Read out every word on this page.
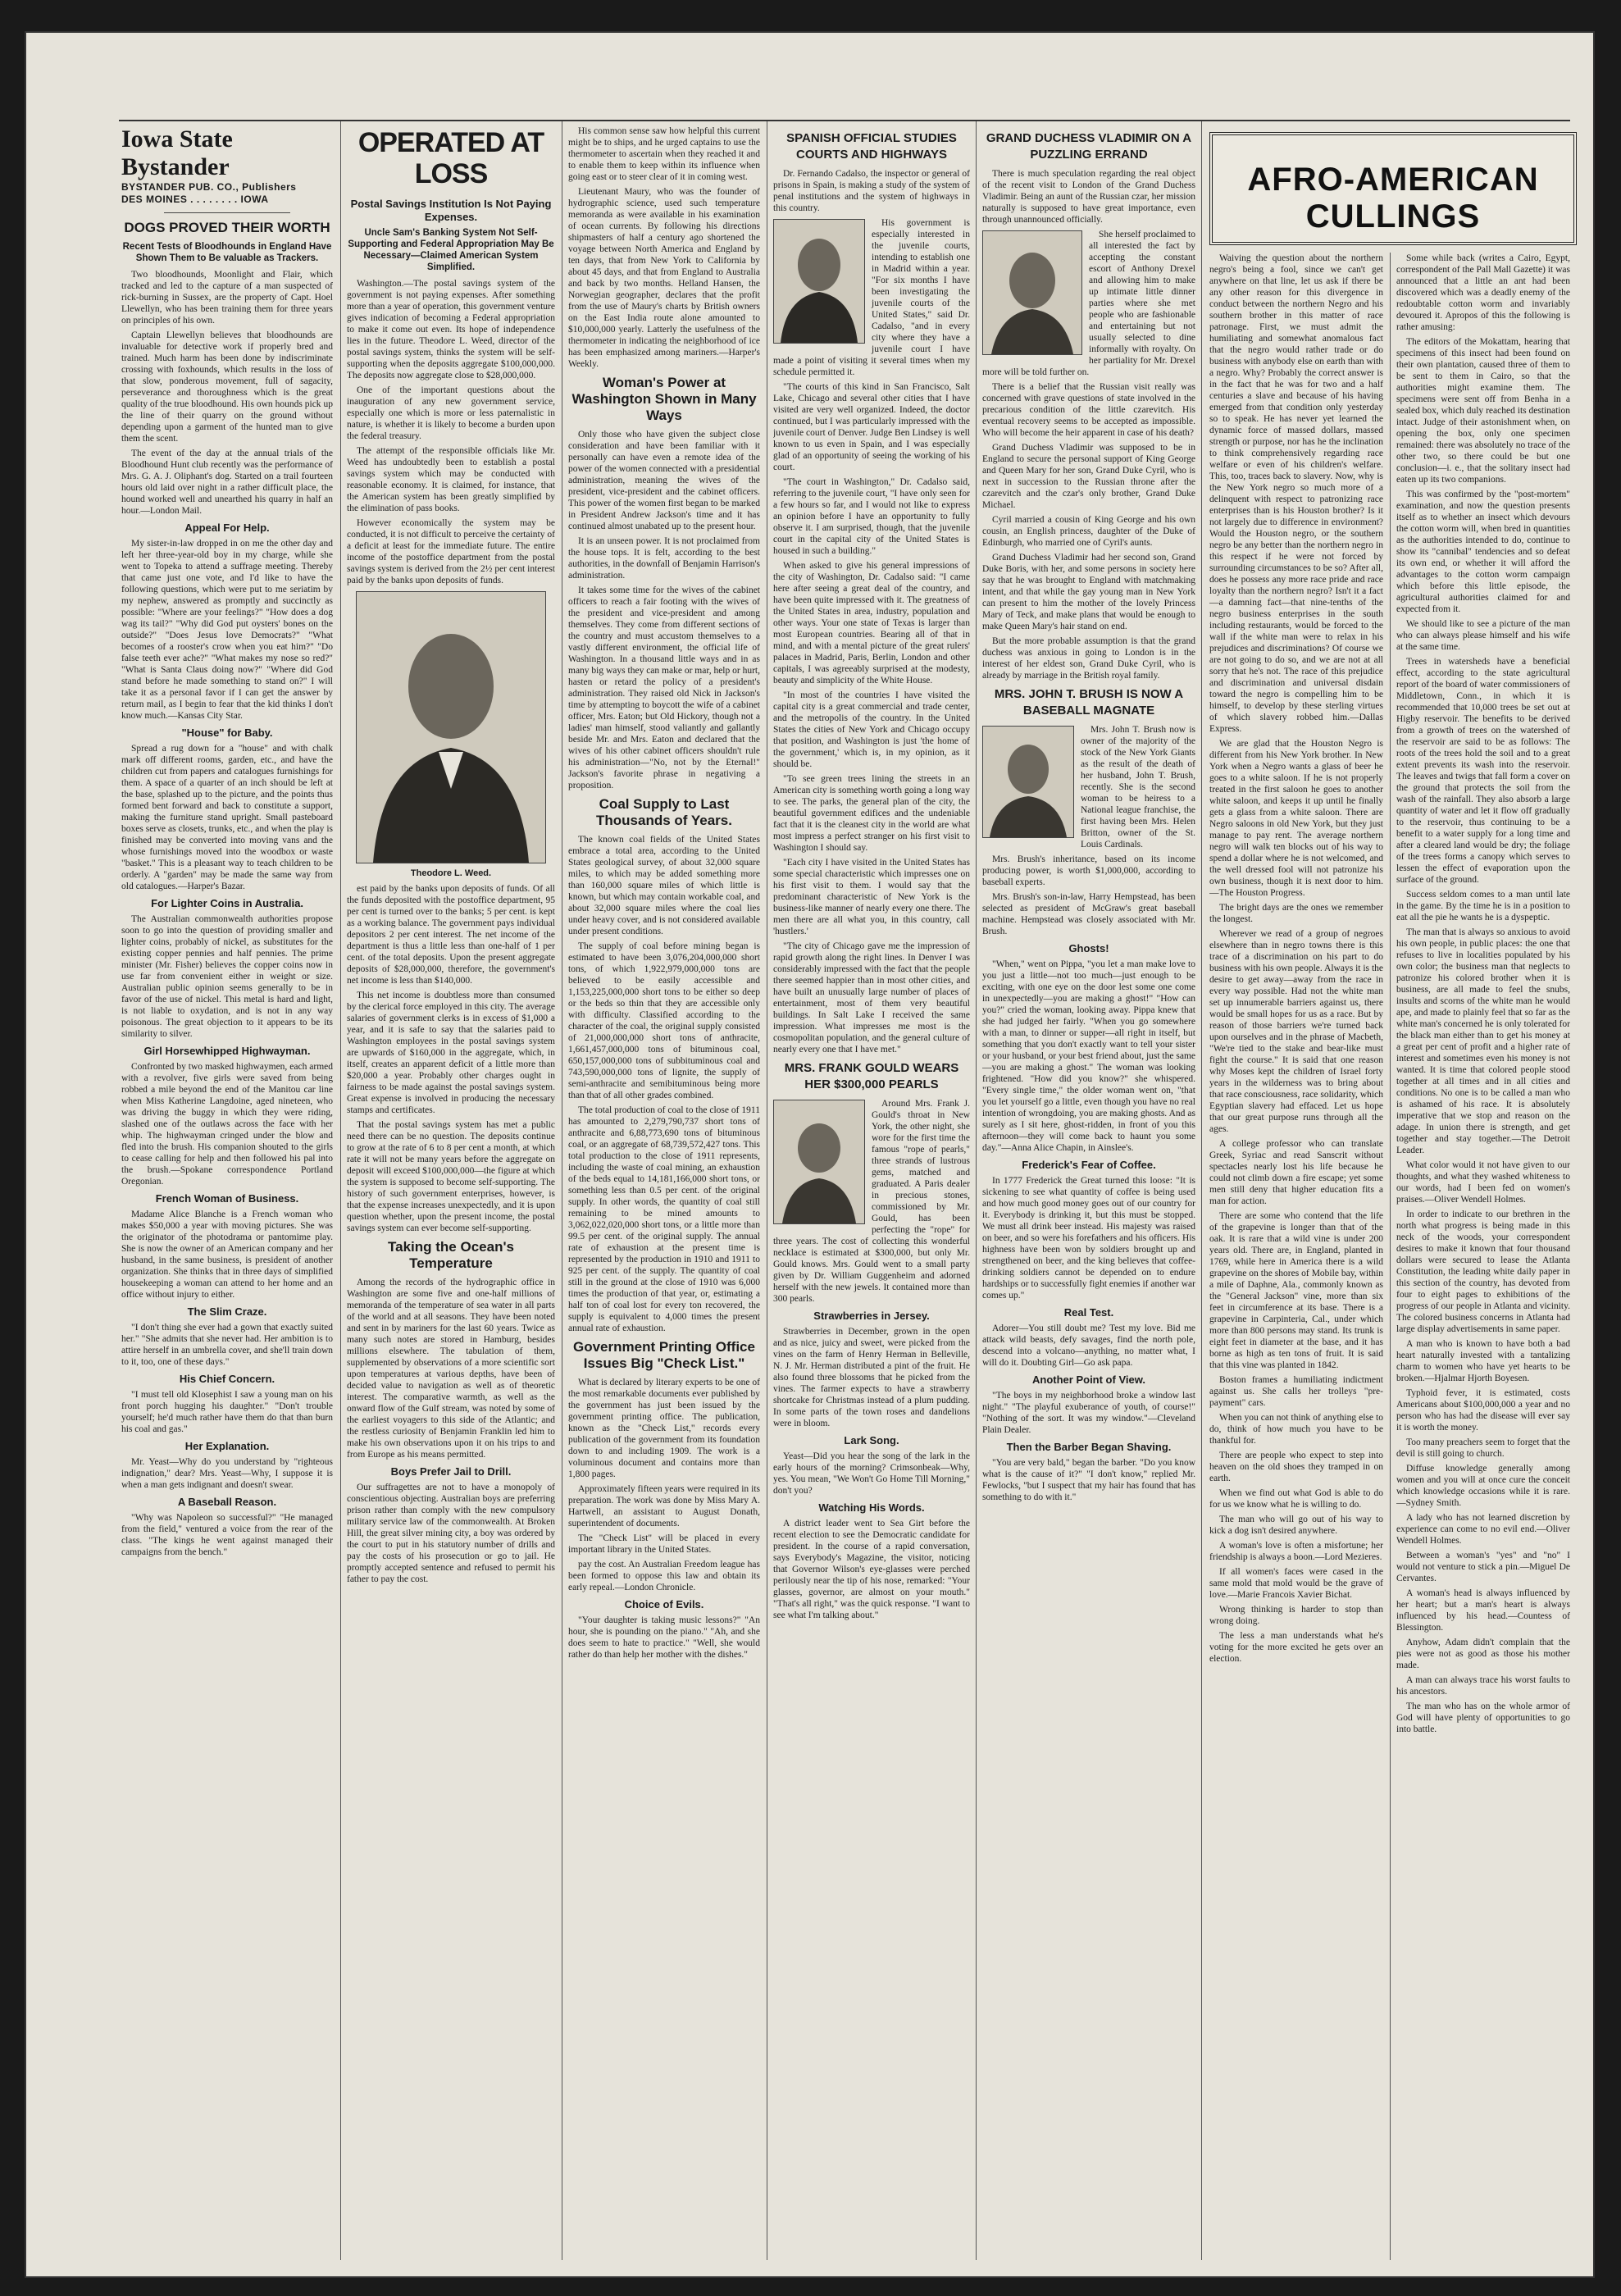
Iowa State Bystander
BYSTANDER PUB. CO., Publishers
DES MOINES . . . . . . . . IOWA
DOGS PROVED THEIR WORTH
Recent Tests of Bloodhounds in England Have Shown Them to Be valuable as Trackers.

Two bloodhounds, Moonlight and Flair, which tracked and led to the capture of a man suspected of rick-burning in Sussex, are the property of Capt. Hoel Llewellyn, who has been training them for three years on principles of his own.

Captain Llewellyn believes that bloodhounds are invaluable for detective work if properly bred and trained. Much harm has been done by indiscriminate crossing with foxhounds, which results in the loss of that slow, ponderous movement, full of sagacity, perseverance and thoroughness which is the great quality of the true bloodhound. His own hounds pick up the line of their quarry on the ground without depending upon a garment of the hunted man to give them the scent.

The event of the day at the annual trials of the Bloodhound Hunt club recently was the performance of Mrs. G. A. J. Oliphant's dog. Started on a trail fourteen hours old laid over night in a rather difficult place, the hound worked well and unearthed his quarry in half an hour.—London Mail.

Appeal For Help.

My sister-in-law dropped in on me the other day and left her three-year-old boy in my charge, while she went to Topeka to attend a suffrage meeting. Thereby that came just one vote, and I'd like to have the following questions, which were put to me seriatim by my nephew, answered as promptly and succinctly as possible: "Where are your feelings?" "How does a dog wag its tail?" "Why did God put oysters' bones on the outside?" "Does Jesus love Democrats?" "What becomes of a rooster's crow when you eat him?" "Do false teeth ever ache?" "What makes my nose so red?" "What is Santa Claus doing now?" "Where did God stand before he made something to stand on?" I will take it as a personal favor if I can get the answer by return mail, as I begin to fear that the kid thinks I don't know much.—Kansas City Star.

"House" for Baby.

Spread a rug down for a "house" and with chalk mark off different rooms, garden, etc., and have the children cut from papers and catalogues furnishings for them. A space of a quarter of an inch should be left at the base, splashed up to the picture, and the points thus formed bent forward and back to constitute a support, making the furniture stand upright. Small pasteboard boxes serve as closets, trunks, etc., and when the play is finished may be converted into moving vans and the whose furnishings moved into the woodbox or waste "basket." This is a pleasant way to teach children to be orderly. A "garden" may be made the same way from old catalogues.—Harper's Bazar.

For Lighter Coins in Australia.

The Australian commonwealth authorities propose soon to go into the question of providing smaller and lighter coins, probably of nickel, as substitutes for the existing copper pennies and half pennies. The prime minister (Mr. Fisher) believes the copper coins now in use far from convenient either in weight or size. Australian public opinion seems generally to be in favor of the use of nickel. This metal is hard and light, is not liable to oxydation, and is not in any way poisonous. The great objection to it appears to be its similarity to silver.

Girl Horsewhipped Highwayman.

Confronted by two masked highwaymen, each armed with a revolver, five girls were saved from being robbed a mile beyond the end of the Manitou car line when Miss Katherine Langdoine, aged nineteen, who was driving the buggy in which they were riding, slashed one of the outlaws across the face with her whip. The highwayman cringed under the blow and fled into the brush. His companion shouted to the girls to cease calling for help and then followed his pal into the brush.—Spokane correspondence Portland Oregonian.

French Woman of Business.

Madame Alice Blanche is a French woman who makes $50,000 a year with moving pictures. She was the originator of the photodrama or pantomime play. She is now the owner of an American company and her husband, in the same business, is president of another organization. She thinks that in three days of simplified housekeeping a woman can attend to her home and an office without injury to either.

The Slim Craze.

"I don't thing she ever had a gown that exactly suited her." "She admits that she never had. Her ambition is to attire herself in an umbrella cover, and she'll train down to it, too, one of these days."

His Chief Concern.

"I must tell old Klosephist I saw a young man on his front porch hugging his daughter." "Don't trouble yourself; he'd much rather have them do that than burn his coal and gas."

Her Explanation.

Mr. Yeast—Why do you understand by "righteous indignation," dear? Mrs. Yeast—Why, I suppose it is when a man gets indignant and doesn't swear.

A Baseball Reason.

"Why was Napoleon so successful?" "He managed from the field," ventured a voice from the rear of the class. "The kings he went against managed their campaigns from the bench."

OPERATED AT LOSS
Postal Savings Institution Is Not Paying Expenses.
Uncle Sam's Banking System Not Self-Supporting and Federal Appropriation May Be Necessary—Claimed American System Simplified.

Washington.—The postal savings system of the government is not paying expenses. After something more than a year of operation, this government venture gives indication of becoming a Federal appropriation to make it come out even. Its hope of independence lies in the future. Theodore L. Weed, director of the postal savings system, thinks the system will be self-supporting when the deposits aggregate $100,000,000. The deposits now aggregate close to $28,000,000.

One of the important questions about the inauguration of any new government service, especially one which is more or less paternalistic in nature, is whether it is likely to become a burden upon the federal treasury.

The attempt of the responsible officials like Mr. Weed has undoubtedly been to establish a postal savings system which may be conducted with reasonable economy. It is claimed, for instance, that the American system has been greatly simplified by the elimination of pass books.

However economically the system may be conducted, it is not difficult to perceive the certainty of a deficit at least for the immediate future. The entire income of the postoffice department from the postal savings system is derived from the 2½ per cent interest paid by the banks upon deposits of funds.

Theodore L. Weed.

est paid by the banks upon deposits of funds. Of all the funds deposited with the postoffice department, 95 per cent is turned over to the banks; 5 per cent. is kept as a working balance. The government pays individual depositors 2 per cent interest. The net income of the department is thus a little less than one-half of 1 per cent. of the total deposits. Upon the present aggregate deposits of $28,000,000, therefore, the government's net income is less than $140,000.

This net income is doubtless more than consumed by the clerical force employed in this city. The average salaries of government clerks is in excess of $1,000 a year, and it is safe to say that the salaries paid to Washington employees in the postal savings system are upwards of $160,000 in the aggregate, which, in itself, creates an apparent deficit of a little more than $20,000 a year. Probably other charges ought in fairness to be made against the postal savings system. Great expense is involved in producing the necessary stamps and certificates.

That the postal savings system has met a public need there can be no question. The deposits continue to grow at the rate of 6 to 8 per cent a month, at which rate it will not be many years before the aggregate on deposit will exceed $100,000,000—the figure at which the system is supposed to become self-supporting. The history of such government enterprises, however, is that the expense increases unexpectedly, and it is upon question whether, upon the present income, the postal savings system can ever become self-supporting.

Taking the Ocean's Temperature

Among the records of the hydrographic office in Washington are some five and one-half millions of memoranda of the temperature of sea water in all parts of the world and at all seasons. They have been noted and sent in by mariners for the last 60 years. Twice as many such notes are stored in Hamburg, besides millions elsewhere. The tabulation of them, supplemented by observations of a more scientific sort upon temperatures at various depths, have been of decided value to navigation as well as of theoretic interest. The comparative warmth, as well as the onward flow of the Gulf stream, was noted by some of the earliest voyagers to this side of the Atlantic; and the restless curiosity of Benjamin Franklin led him to make his own observations upon it on his trips to and from Europe as his means permitted.

Boys Prefer Jail to Drill.

Our suffragettes are not to have a monopoly of conscientious objecting. Australian boys are preferring prison rather than comply with the new compulsory military service law of the commonwealth. At Broken Hill, the great silver mining city, a boy was ordered by the court to put in his statutory number of drills and pay the costs of his prosecution or go to jail. He promptly accepted sentence and refused to permit his father to pay the cost.

His common sense saw how helpful this current might be to ships, and he urged captains to use the thermometer to ascertain when they reached it and to enable them to keep within its influence when going east or to steer clear of it in coming west.

Lieutenant Maury, who was the founder of hydrographic science, used such temperature memoranda as were available in his examination of ocean currents. By following his directions shipmasters of half a century ago shortened the voyage between North America and England by ten days, that from New York to California by about 45 days, and that from England to Australia and back by two months. Helland Hansen, the Norwegian geographer, declares that the profit from the use of Maury's charts by British owners on the East India route alone amounted to $10,000,000 yearly. Latterly the usefulness of the thermometer in indicating the neighborhood of ice has been emphasized among mariners.—Harper's Weekly.

Woman's Power at Washington Shown in Many Ways

Only those who have given the subject close consideration and have been familiar with it personally can have even a remote idea of the power of the women connected with a presidential administration, meaning the wives of the president, vice-president and the cabinet officers. This power of the women first began to be marked in President Andrew Jackson's time and it has continued almost unabated up to the present hour.

It is an unseen power. It is not proclaimed from the house tops. It is felt, according to the best authorities, in the downfall of Benjamin Harrison's administration.

It takes some time for the wives of the cabinet officers to reach a fair footing with the wives of the president and vice-president and among themselves. They come from different sections of the country and must accustom themselves to a vastly different environment, the official life of Washington. In a thousand little ways and in as many big ways they can make or mar, help or hurt, hasten or retard the policy of a president's administration. They raised old Nick in Jackson's time by attempting to boycott the wife of a cabinet officer, Mrs. Eaton; but Old Hickory, though not a ladies' man himself, stood valiantly and gallantly beside Mr. and Mrs. Eaton and declared that the wives of his other cabinet officers shouldn't rule his administration—"No, not by the Eternal!" Jackson's favorite phrase in negativing a proposition.

Coal Supply to Last Thousands of Years.

The known coal fields of the United States embrace a total area, according to the United States geological survey, of about 32,000 square miles, to which may be added something more than 160,000 square miles of which little is known, but which may contain workable coal, and about 32,000 square miles where the coal lies under heavy cover, and is not considered available under present conditions.

The supply of coal before mining began is estimated to have been 3,076,204,000,000 short tons, of which 1,922,979,000,000 tons are believed to be easily accessible and 1,153,225,000,000 short tons to be either so deep or the beds so thin that they are accessible only with difficulty. Classified according to the character of the coal, the original supply consisted of 21,000,000,000 short tons of anthracite, 1,661,457,000,000 tons of bituminous coal, 650,157,000,000 tons of subbituminous coal and 743,590,000,000 tons of lignite, the supply of semi-anthracite and semibituminous being more than that of all other grades combined.

The total production of coal to the close of 1911 has amounted to 2,279,790,737 short tons of anthracite and 6,88,773,690 tons of bituminous coal, or an aggregate of 68,739,572,427 tons. This total production to the close of 1911 represents, including the waste of coal mining, an exhaustion of the beds equal to 14,181,166,000 short tons, or something less than 0.5 per cent. of the original supply. In other words, the quantity of coal still remaining to be mined amounts to 3,062,022,020,000 short tons, or a little more than 99.5 per cent. of the original supply. The annual rate of exhaustion at the present time is represented by the production in 1910 and 1911 to 925 per cent. of the supply. The quantity of coal still in the ground at the close of 1910 was 6,000 times the production of that year, or, estimating a half ton of coal lost for every ton recovered, the supply is equivalent to 4,000 times the present annual rate of exhaustion.

Government Printing Office Issues Big "Check List."

What is declared by literary experts to be one of the most remarkable documents ever published by the government has just been issued by the government printing office. The publication, known as the "Check List," records every publication of the government from its foundation down to and including 1909. The work is a voluminous document and contains more than 1,800 pages.

Approximately fifteen years were required in its preparation. The work was done by Miss Mary A. Hartwell, an assistant to August Donath, superintendent of documents.

The "Check List" will be placed in every important library in the United States.

pay the cost. An Australian Freedom league has been formed to oppose this law and obtain its early repeal.—London Chronicle.

Choice of Evils.

"Your daughter is taking music lessons?" "An hour, she is pounding on the piano." "Ah, and she does seem to hate to practice." "Well, she would rather do than help her mother with the dishes."

SPANISH OFFICIAL STUDIES COURTS AND HIGHWAYS

Dr. Fernando Cadalso, the inspector or general of prisons in Spain, is making a study of the system of penal institutions and the system of highways in this country.

His government is especially interested in the juvenile courts, intending to establish one in Madrid within a year. "For six months I have been investigating the juvenile courts of the United States," said Dr. Cadalso, "and in every city where they have a juvenile court I have made a point of visiting it several times when my schedule permitted it.

"The courts of this kind in San Francisco, Salt Lake, Chicago and several other cities that I have visited are very well organized. Indeed, the doctor continued, but I was particularly impressed with the juvenile court of Denver. Judge Ben Lindsey is well known to us even in Spain, and I was especially glad of an opportunity of seeing the working of his court.

"The court in Washington," Dr. Cadalso said, referring to the juvenile court, "I have only seen for a few hours so far, and I would not like to express an opinion before I have an opportunity to fully observe it. I am surprised, though, that the juvenile court in the capital city of the United States is housed in such a building."

When asked to give his general impressions of the city of Washington, Dr. Cadalso said: "I came here after seeing a great deal of the country, and have been quite impressed with it. The greatness of the United States in area, industry, population and other ways. Your one state of Texas is larger than most European countries. Bearing all of that in mind, and with a mental picture of the great rulers' palaces in Madrid, Paris, Berlin, London and other capitals, I was agreeably surprised at the modesty, beauty and simplicity of the White House.

"In most of the countries I have visited the capital city is a great commercial and trade center, and the metropolis of the country. In the United States the cities of New York and Chicago occupy that position, and Washington is just 'the home of the government,' which is, in my opinion, as it should be.

"To see green trees lining the streets in an American city is something worth going a long way to see. The parks, the general plan of the city, the beautiful government edifices and the undeniable fact that it is the cleanest city in the world are what most impress a perfect stranger on his first visit to Washington I should say.

"Each city I have visited in the United States has some special characteristic which impresses one on his first visit to them. I would say that the predominant characteristic of New York is the business-like manner of nearly every one there. The men there are all what you, in this country, call 'hustlers.'

"The city of Chicago gave me the impression of rapid growth along the right lines. In Denver I was considerably impressed with the fact that the people there seemed happier than in most other cities, and have built an unusually large number of places of entertainment, most of them very beautiful buildings. In Salt Lake I received the same impression. What impresses me most is the cosmopolitan population, and the general culture of nearly every one that I have met."

MRS. FRANK GOULD WEARS HER $300,000 PEARLS

Around Mrs. Frank J. Gould's throat in New York, the other night, she wore for the first time the famous "rope of pearls," three strands of lustrous gems, matched and graduated. A Paris dealer in precious stones, commissioned by Mr. Gould, has been perfecting the "rope" for three years. The cost of collecting this wonderful necklace is estimated at $300,000, but only Mr. Gould knows. Mrs. Gould went to a small party given by Dr. William Guggenheim and adorned herself with the new jewels. It contained more than 300 pearls.

Strawberries in Jersey.

Strawberries in December, grown in the open and as nice, juicy and sweet, were picked from the vines on the farm of Henry Herman in Belleville, N. J. Mr. Herman distributed a pint of the fruit. He also found three blossoms that he picked from the vines. The farmer expects to have a strawberry shortcake for Christmas instead of a plum pudding. In some parts of the town roses and dandelions were in bloom.

Lark Song.

Yeast—Did you hear the song of the lark in the early hours of the morning? Crimsonbeak—Why, yes. You mean, "We Won't Go Home Till Morning," don't you?

Watching His Words.

A district leader went to Sea Girt before the recent election to see the Democratic candidate for president. In the course of a rapid conversation, says Everybody's Magazine, the visitor, noticing that Governor Wilson's eye-glasses were perched perilously near the tip of his nose, remarked: "Your glasses, governor, are almost on your mouth." "That's all right," was the quick response. "I want to see what I'm talking about."

GRAND DUCHESS VLADIMIR ON A PUZZLING ERRAND

There is much speculation regarding the real object of the recent visit to London of the Grand Duchess Vladimir. Being an aunt of the Russian czar, her mission naturally is supposed to have great importance, even through unannounced officially.

She herself proclaimed to all interested the fact by accepting the constant escort of Anthony Drexel and allowing him to make up intimate little dinner parties where she met people who are fashionable and entertaining but not usually selected to dine informally with royalty. On her partiality for Mr. Drexel more will be told further on.

There is a belief that the Russian visit really was concerned with grave questions of state involved in the precarious condition of the little czarevitch. His eventual recovery seems to be accepted as impossible. Who will become the heir apparent in case of his death?

Grand Duchess Vladimir was supposed to be in England to secure the personal support of King George and Queen Mary for her son, Grand Duke Cyril, who is next in succession to the Russian throne after the czarevitch and the czar's only brother, Grand Duke Michael.

Cyril married a cousin of King George and his own cousin, an English princess, daughter of the Duke of Edinburgh, who married one of Cyril's aunts.

Grand Duchess Vladimir had her second son, Grand Duke Boris, with her, and some persons in society here say that he was brought to England with matchmaking intent, and that while the gay young man in New York can present to him the mother of the lovely Princess Mary of Teck, and make plans that would be enough to make Queen Mary's hair stand on end.

But the more probable assumption is that the grand duchess was anxious in going to London is in the interest of her eldest son, Grand Duke Cyril, who is already by marriage in the British royal family.

MRS. JOHN T. BRUSH IS NOW A BASEBALL MAGNATE

Mrs. John T. Brush now is owner of the majority of the stock of the New York Giants as the result of the death of her husband, John T. Brush, recently. She is the second woman to be heiress to a National league franchise, the first having been Mrs. Helen Britton, owner of the St. Louis Cardinals.

Mrs. Brush's inheritance, based on its income producing power, is worth $1,000,000, according to baseball experts.

Mrs. Brush's son-in-law, Harry Hempstead, has been selected as president of McGraw's great baseball machine. Hempstead was closely associated with Mr. Brush.

Ghosts!

"When," went on Pippa, "you let a man make love to you just a little—not too much—just enough to be exciting, with one eye on the door lest some one come in unexpectedly—you are making a ghost!" "How can you?" cried the woman, looking away. Pippa knew that she had judged her fairly. "When you go somewhere with a man, to dinner or supper—all right in itself, but something that you don't exactly want to tell your sister or your husband, or your best friend about, just the same—you are making a ghost." The woman was looking frightened. "How did you know?" she whispered. "Every single time," the older woman went on, "that you let yourself go a little, even though you have no real intention of wrongdoing, you are making ghosts. And as surely as I sit here, ghost-ridden, in front of you this afternoon—they will come back to haunt you some day."—Anna Alice Chapin, in Ainslee's.

Frederick's Fear of Coffee.

In 1777 Frederick the Great turned this loose: "It is sickening to see what quantity of coffee is being used and how much good money goes out of our country for it. Everybody is drinking it, but this must be stopped. We must all drink beer instead. His majesty was raised on beer, and so were his forefathers and his officers. His highness have been won by soldiers brought up and strengthened on beer, and the king believes that coffee-drinking soldiers cannot be depended on to endure hardships or to successfully fight enemies if another war comes up."

Real Test.

Adorer—You still doubt me? Test my love. Bid me attack wild beasts, defy savages, find the north pole, descend into a volcano—anything, no matter what, I will do it. Doubting Girl—Go ask papa.

Another Point of View.

"The boys in my neighborhood broke a window last night." "The playful exuberance of youth, of course!" "Nothing of the sort. It was my window."—Cleveland Plain Dealer.

Then the Barber Began Shaving.

"You are very bald," began the barber. "Do you know what is the cause of it?" "I don't know," replied Mr. Fewlocks, "but I suspect that my hair has found that has something to do with it."

AFRO-AMERICAN CULLINGS

Waiving the question about the northern negro's being a fool, since we can't get anywhere on that line, let us ask if there be any other reason for this divergence in conduct between the northern Negro and his southern brother in this matter of race patronage. First, we must admit the humiliating and somewhat anomalous fact that the negro would rather trade or do business with anybody else on earth than with a negro. Why? Probably the correct answer is in the fact that he was for two and a half centuries a slave and because of his having emerged from that condition only yesterday so to speak. He has never yet learned the dynamic force of massed dollars, massed strength or purpose, nor has he the inclination to think comprehensively regarding race welfare or even of his children's welfare. This, too, traces back to slavery. Now, why is the New York negro so much more of a delinquent with respect to patronizing race enterprises than is his Houston brother? Is it not largely due to difference in environment? Would the Houston negro, or the southern negro be any better than the northern negro in this respect if he were not forced by surrounding circumstances to be so? After all, does he possess any more race pride and race loyalty than the northern negro? Isn't it a fact—a damning fact—that nine-tenths of the negro business enterprises in the south including restaurants, would be forced to the wall if the white man were to relax in his prejudices and discriminations? Of course we are not going to do so, and we are not at all sorry that he's not. The race of this prejudice and discrimination and universal disdain toward the negro is compelling him to be himself, to develop by these sterling virtues of which slavery robbed him.—Dallas Express.

We are glad that the Houston Negro is different from his New York brother. In New York when a Negro wants a glass of beer he goes to a white saloon. If he is not properly treated in the first saloon he goes to another white saloon, and keeps it up until he finally gets a glass from a white saloon. There are Negro saloons in old New York, but they just manage to pay rent. The average northern negro will walk ten blocks out of his way to spend a dollar where he is not welcomed, and the well dressed fool will not patronize his own business, though it is next door to him.—The Houston Progress.

The bright days are the ones we remember the longest.

Wherever we read of a group of negroes elsewhere than in negro towns there is this trace of a discrimination on his part to do business with his own people. Always it is the desire to get away—away from the race in every way possible. Had not the white man set up innumerable barriers against us, there would be small hopes for us as a race. But by reason of those barriers we're turned back upon ourselves and in the phrase of Macbeth, "We're tied to the stake and bear-like must fight the course." It is said that one reason why Moses kept the children of Israel forty years in the wilderness was to bring about that race consciousness, race solidarity, which Egyptian slavery had effaced. Let us hope that our great purpose runs through all the ages.

A college professor who can translate Greek, Syriac and read Sanscrit without spectacles nearly lost his life because he could not climb down a fire escape; yet some men still deny that higher education fits a man for action.

There are some who contend that the life of the grapevine is longer than that of the oak. It is rare that a wild vine is under 200 years old. There are, in England, planted in 1769, while here in America there is a wild grapevine on the shores of Mobile bay, within a mile of Daphne, Ala., commonly known as the "General Jackson" vine, more than six feet in circumference at its base. There is a grapevine in Carpinteria, Cal., under which more than 800 persons may stand. Its trunk is eight feet in diameter at the base, and it has borne as high as ten tons of fruit. It is said that this vine was planted in 1842.

Boston frames a humiliating indictment against us. She calls her trolleys "pre-payment" cars.

When you can not think of anything else to do, think of how much you have to be thankful for.

There are people who expect to step into heaven on the old shoes they tramped in on earth.

When we find out what God is able to do for us we know what he is willing to do.

The man who will go out of his way to kick a dog isn't desired anywhere.

A woman's love is often a misfortune; her friendship is always a boon.—Lord Mezieres.

If all women's faces were cased in the same mold that mold would be the grave of love.—Marie Francois Xavier Bichat.

Wrong thinking is harder to stop than wrong doing.

The less a man understands what he's voting for the more excited he gets over an election.

Some while back (writes a Cairo, Egypt, correspondent of the Pall Mall Gazette) it was announced that a little an ant had been discovered which was a deadly enemy of the redoubtable cotton worm and invariably devoured it. Apropos of this the following is rather amusing:

The editors of the Mokattam, hearing that specimens of this insect had been found on their own plantation, caused three of them to be sent to them in Cairo, so that the authorities might examine them. The specimens were sent off from Benha in a sealed box, which duly reached its destination intact. Judge of their astonishment when, on opening the box, only one specimen remained: there was absolutely no trace of the other two, so there could be but one conclusion—i. e., that the solitary insect had eaten up its two companions.

This was confirmed by the "post-mortem" examination, and now the question presents itself as to whether an insect which devours the cotton worm will, when bred in quantities as the authorities intended to do, continue to show its "cannibal" tendencies and so defeat its own end, or whether it will afford the advantages to the cotton worm campaign which before this little episode, the agricultural authorities claimed for and expected from it.

We should like to see a picture of the man who can always please himself and his wife at the same time.

Trees in watersheds have a beneficial effect, according to the state agricultural report of the board of water commissioners of Middletown, Conn., in which it is recommended that 10,000 trees be set out at Higby reservoir. The benefits to be derived from a growth of trees on the watershed of the reservoir are said to be as follows: The roots of the trees hold the soil and to a great extent prevents its wash into the reservoir. The leaves and twigs that fall form a cover on the ground that protects the soil from the wash of the rainfall. They also absorb a large quantity of water and let it flow off gradually to the reservoir, thus continuing to be a benefit to a water supply for a long time and after a cleared land would be dry; the foliage of the trees forms a canopy which serves to lessen the effect of evaporation upon the surface of the ground.

Success seldom comes to a man until late in the game. By the time he is in a position to eat all the pie he wants he is a dyspeptic.

The man that is always so anxious to avoid his own people, in public places: the one that refuses to live in localities populated by his own color; the business man that neglects to patronize his colored brother when it is business, are all made to feel the snubs, insults and scorns of the white man he would ape, and made to plainly feel that so far as the white man's concerned he is only tolerated for the black man either than to get his money at a great per cent of profit and a higher rate of interest and sometimes even his money is not wanted. It is time that colored people stood together at all times and in all cities and conditions. No one is to be called a man who is ashamed of his race. It is absolutely imperative that we stop and reason on the adage. In union there is strength, and get together and stay together.—The Detroit Leader.

What color would it not have given to our thoughts, and what they washed whiteness to our words, had I been fed on women's praises.—Oliver Wendell Holmes.

In order to indicate to our brethren in the north what progress is being made in this neck of the woods, your correspondent desires to make it known that four thousand dollars were secured to lease the Atlanta Constitution, the leading white daily paper in this section of the country, has devoted from four to eight pages to exhibitions of the progress of our people in Atlanta and vicinity. The colored business concerns in Atlanta had large display advertisements in same paper.

A man who is known to have both a bad heart naturally invested with a tantalizing charm to women who have yet hearts to be broken.—Hjalmar Hjorth Boyesen.

Typhoid fever, it is estimated, costs Americans about $100,000,000 a year and no person who has had the disease will ever say it is worth the money.

Too many preachers seem to forget that the devil is still going to church.

Diffuse knowledge generally among women and you will at once cure the conceit which knowledge occasions while it is rare.—Sydney Smith.

A lady who has not learned discretion by experience can come to no evil end.—Oliver Wendell Holmes.

Between a woman's "yes" and "no" I would not venture to stick a pin.—Miguel De Cervantes.

A woman's head is always influenced by her heart; but a man's heart is always influenced by his head.—Countess of Blessington.

Anyhow, Adam didn't complain that the pies were not as good as those his mother made.

A man can always trace his worst faults to his ancestors.

The man who has on the whole armor of God will have plenty of opportunities to go into battle.
